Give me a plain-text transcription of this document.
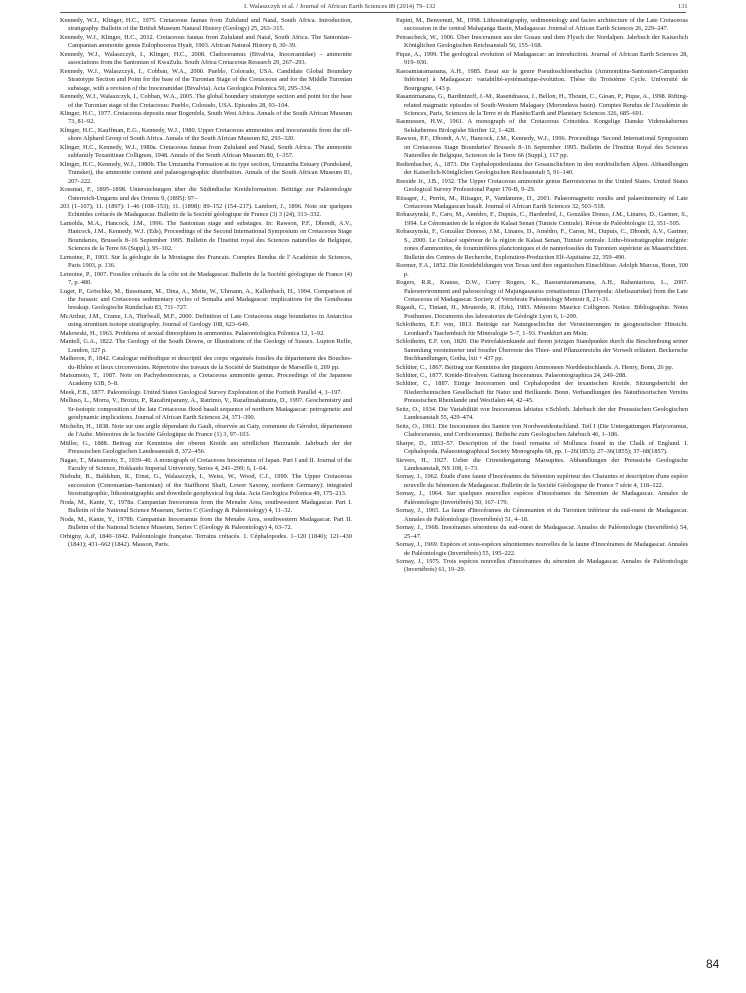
I. Walaszczyk et al. / Journal of African Earth Sciences 89 (2014) 79–132	131

Kennedy, W.J., Klinger, H.C., 1975. Cretaceous faunas from Zululand and Natal, South Africa. Introduction, stratigraphy. Bulletin of the British Museum Natural History (Geology) 25, 263–315.

Kennedy, W.J., Klinger, H.C., 2012. Cretaceous faunas from Zululand and Natal, South Africa. The Santonian–Campanian ammonite genus Eulophoceras Hyatt, 1903. African Natural History 8, 30–39.

Kennedy, W.J., Walaszczyk, I., Klinger, H.C., 2008. Cladoceramus (Bivalvia, Inoceramidae) – ammonite associations from the Santonian of KwaZulu. South Africa Cretaceous Research 29, 267–293.

Kennedy, W.J., Walaszczyk, I., Cobban, W.A., 2000. Pueblo, Colorado, USA. Candidate Global Boundary Stratotype Section and Point for the base of the Turonian Stage of the Cretaceous and for the Middle Turonian substage, with a revision of the Inoceramidae (Bivalvia). Acta Geologica Polonica 50, 295–334.

Kennedy, W.J., Walaszczyk, I., Cobban, W.A., 2005. The global boundary stratotype section and point for the base of the Turonian stage of the Cretaceous: Pueblo, Colorado, USA. Episodes 28, 93–104.

Klinger, H.C., 1977. Cretaceous deposits near Bogenfels, South West Africa. Annals of the South African Museum 73, 81–92.

Klinger, H.C., Kauffman, E.G., Kennedy, W.J., 1980. Upper Cretaceous ammonites and inoceramids from the off-shore Alphard Group of South Africa. Annals of the South African Museum 82, 293–320.

Klinger, H.C., Kennedy, W.J., 1980a. Cretaceous faunas from Zululand and Natal, South Africa. The ammonite subfamily Texanitinae Collignon, 1948. Annals of the South African Museum 80, 1–357.

Klinger, H.C., Kennedy, W.J., 1980b. The Umzamba Formation at its type section, Umzamba Estuary (Pondoland, Transkei), the ammonite content and palaeogeographic distribution. Annals of the South African Museum 81, 207–222.

Kossmat, F., 1895–1898. Untersuchungen über die Südindische Kreideformation. Beiträge zur Paläontologie Österreich-Ungarns und des Orients 9, (1895): 97–

203 (1–107); 11. (1897): 1–46 (108–153); 11. (1898): 89–152 (154–217). Lambert, J., 1896. Note sur quelques Echinides crétacés de Madagascar. Bulletin de la Société géologique de France (3) 3 (24), 313–332.

Lamolda, M.A., Hancock, J.M., 1996. The Santonian stage and substages. In: Rawson, P.F., Dhondt, A.V., Hancock, J.M., Kennedy, W.J. (Eds), Proceedings of the Second International Symposium on Cretaceous Stage Boundaries, Brussels 8–16 September 1995. Bulletin de l'Institut royal des Sciences naturelles de Belgique, Sciences de la Terre 66 (Suppl.), 95–102.

Lemoine, P., 1903. Sur la géologie de la Montagne des Francais. Comptes Rendus de l' Académie de Sciences, Paris 1903, p. 136.

Lemoine, P., 1907. Fossiles crétacés de la côte est de Madagascar. Bulletin de la Société géologique de France (4) 7, p. 480.

Luger, P., Gröschke, M., Bussmann, M., Dina, A., Mette, W., Uhmann, A., Kallenbach, H., 1994. Comparison of the Jurassic and Cretaceous sedimentary cycles of Somalia and Madagascar: implications for the Gondwana breakup. Geologische Rundschau 83, 711–727.

McArthur, J.M., Crame, J.A, Thirlwall, M.F., 2000. Definition of Late Cretaceous stage boundaries in Antarctica using strontium isotope stratigraphy. Journal of Geology 108, 623–640.

Makowski, H., 1963. Problems of sexual dimorphism in ammonites. Palaeontologica Polonica 12, 1–92.

Mantell, G.A., 1822. The Geology of the South Downs, or Illustrations of the Geology of Sussex. Lupton Relfe, London, 327 p.

Matheron, P., 1842. Catalogue méthodique et descriptif des corps organisés fossiles du département des Bouches-du-Rhône et lieux circonvoisins. Répertoire des travaux de la Société de Statistique de Marseille 6, 269 pp.

Matsumoto, T., 1987. Note on Pachydesmoceras, a Cretaceous ammonite genus. Proceedings of the Japanese Academy 63B, 5–8.

Meek, F.B., 1877. Paleontology. United States Geological Survey Exploration of the Fortieth Parallel 4, 1–197.

Melluso, L., Morra, V., Brotzu, P., Razafiniparany, A., Ratrimo, V., Razafimahatratra, D., 1997. Geochemistry and Sr-isotopic composition of the late Cretaceous flood basalt sequence of northern Madagascar: petrogenetic and geodynamic implications. Journal of African Earth Sciences 24, 371–390.

Michelin, H., 1838. Note sur une argile dépendant du Gault, observée au Gaty, commune de Gérodot, département de l'Aube. Mémoires de la Société Géologique de France (1) 3, 97–103.

Müller, G., 1888. Beitrag zur Kenntniss der oberen Kreide am nördlichen Harzrande. Jahrbuch der der Preussischen Geologischen Landesanstalt 8, 372–456.

Nagao, T., Matsumoto, T., 1939–40. A monograph of Cretaceous Inoceramus of Japan. Part I and II. Journal of the Faculty of Science, Hokkaido Imperial University, Series 4, 241–299; 6, 1–64.

Niebuhr, B., Baldshun, R., Ernst, G., Walaszczyk, I., Weiss, W., Wood, C.J., 1999. The Upper Cretaceous succession (Cenomanian–Santonian) of the Staffhorst Shaft, Lower Saxony, northern Germany): integrated biostratigraphic, lithostratigraphic and downhole geophysical log data. Acta Geologica Polonica 49, 175–213.

Noda, M., Kanie, Y., 1978a. Campanian Inoceramus from the Menabe Area, southwestern Madagascar. Part I. Bulletin of the National Science Museum, Series C (Geology & Paleontology) 4, 11–32.

Noda, M., Kanie, Y., 1978b. Campanian Inoceramus from the Menabe Area, southwestern Madagascar. Part II. Bulletin of the National Science Museum, Series C (Geology & Paleontology) 4, 63–72.

Orbigny, A.d', 1840–1842. Paléontologie française. Terrains crétacés. 1. Céphalopodes. 1–120 (1840); 121–430 (1841); 431–662 (1842). Masson, Paris.

Papini, M., Benvenuti, M., 1998. Lithostratigraphy, sedimentology and facies architecture of the Late Cretaceous succession in the central Mahajanga Basin, Madagascar. Journal of African Earth Sciences 26, 229–247.

Petrascheck, W., 1906. Über Inoceramen aus der Gosau und dem Flysch der Nordalpen. Jahrbuch der Kaiserlich Königlichen Geologischen Reichsanstalt 56, 155–168.

Pique, A., 1999. The geological evolution of Madagascar: an introduction. Journal of African Earth Sciences 28, 919–930.

Rasoamiaramanana, A.H., 1985. Essai sur le genre Pseudoschloenbachia (Ammonitina-Santonien-Campanien Inférieur) à Madagascar: variabilité-systématique-évolution. Thèse du Troisième Cycle. Université de Bourgogne, 143 p.

Rasamimanana, G., Bardintzeff, J.-M., Rasendrasoa, J., Bellon, H., Thouin, C., Gioan, P., Pique, A., 1998. Rifting-related magmatic episodes of South-Western Malagasy (Morondava basin). Comptes Rendus de l'Académie de Sciences, Paris, Sciences de la Terre et de Planète/Earth and Planetary Sciences 326, 685–691.

Rasmussen, H.W., 1961. A monograph of the Cretaceous Crinoidea. Kongelige Danske Videnskabernes Selskabernes Biologiske Skrifter 12, 1–428.

Rawson, P.F., Dhondt, A.V., Hancock, J.M., Kennedy, W.J., 1996. Proceedings 'Second International Symposium on Cretaceous Stage Boundaries' Brussels 8–16 September 1995. Bulletin de l'Institut Royal des Sciences Naturelles de Belgique, Sciences de la Terre 66 (Suppl.), 117 pp.

Redtenbacher, A., 1873. Die Cephalopodenfauna der Gosauschichten in den nordöstlichen Alpen. Abhandlungen der Kaiserlich-Königlichen Geologischen Reichsanstalt 5, 91–140.

Reeside Jr., J.B., 1932. The Upper Cretaceous ammonite genus Barroisiceras in the United States. United States Geological Survey Professional Paper 170-B, 9–29.

Riisager, J., Perrin, M., Riisager, P., Vandamme, D., 2001. Palaeomagnetic results and palaeointensity of Late Cretaceous Madagascan basalt. Journal of African Earth Sciences 32, 503–518.

Robaszynski, F., Caro, M., Amédro, F., Dupuis, C., Hardenbol, J., Gonzáles Donso, J.M., Linares, D., Gartner, S., 1994. Le Cénomanien de la région de Kalaat Senan (Tunisie Centrale). Révue de Paléobiologie 12, 351–505.

Robaszynski, F., González Donoso, J.M., Linares, D., Amédro, F., Caron, M., Dupuis, C., Dhondt, A.V., Gartner, S., 2000. Le Crétacé supérieur de la région de Kalaat Senan, Tunisie centrale. Litho-biostratigraphie intégrée: zones d'ammonites, de foraminifères planctoniques et de nannofossiles du Turonien supérieur au Maastrichtien. Bulletin des Centres de Recherche, Exploration-Production Elf-Aquitaine 22, 359–490.

Roemer, F.A., 1852. Die Kreidebildungen von Texas und ihre organischen Einschlüsse. Adolph Marcus, Bonn, 100 p.

Rogers, R.R., Krause, D.W., Curry Rogers, K., Rasoamiaramanana, A.H., Rahantarisoa, L., 2007. Paleoenvironment and paleoecology of Majungasaurus crenatissimus (Theropoda: Abelisauridae) from the Late Cretaceous of Madagascar. Society of Vertebrate Paleontology Memoir 8, 21–31.

Rigault, C., Tintant, H., Mouterde, R. (Eds), 1983. Mémoire Maurice Collignon. Notice. Bibliographie. Notes Posthumes. Documents des laboratories de Géologie Lyon 6, 1–299.

Schlotheim, E.F. von, 1813. Beiträge zur Naturgeschichte der Versteinerungen in geognostischer Hinsicht. Leonhard's Taschenbuch für Mineralogie 5–7, 1–93. Frankfurt am Mein.

Schlotheim, E.F. von, 1820. Die Petrefaktenkunde auf ihrem jetzigen Standpunkte durch die Beschreibung seiner Sammlung versteinerter und fossiler Überreste des Thier- und Pflanzenreichs der Vorwelt erläutert. Beckersche Buchhandlungen, Gotha, lxii + 437 pp.

Schlüter, C., 1867. Beitrag zur Kenntniss der jüngsten Ammoneen Norddeutschlands. A. Henry, Bonn, 26 pp.

Schlüter, C., 1877. Kreide-Bivalven. Gattung Inoceramus. Palaeontographica 24, 249–288.

Schlüter, C., 1887. Einige Inoceramen und Cephalopoden der texanischen Kreide. Sitzungsbericht der Niederrheinischen Gesellschaft für Natur und Heilkunde. Bonn. Verhandlungen des Naturhisorischen Vereins Preussischen Rheinlande und Westfalen 44, 42–45.

Seitz, O., 1934. Die Variabilität von Inoceramus labiatus v.Schloth. Jahrbuch der der Preussischen Geologischen Landesanstalt 55, 429–474.

Seitz, O., 1961. Die Inoceramen des Santon von Nordwestdeutschland. Teil I (Die Untergattungen Platyceramus, Cladoceramus, und Cordiceramus). Beihefte zum Geologischen Jahrbuch 46, 1–186.

Sharpe, D., 1853–57. Description of the fossil remains of Mollusca found in the Chalk of England. I. Cephalopoda. Palaeontographical Society Monographs 68, pp. 1–26(1853); 27–36(1855); 37–68(1857).

Sievers, H., 1927. Ueber die Crinoidengattung Marsupites. Abhandlungen der Preussiche Geologische Landesanstalt, NS 108, 1–73.

Sornay, J., 1962. Étude d'une faune d'Inocérames du Sénonien supérieur des Charantes et description d'une espèce nouvelle du Sénonien de Madagascar. Bulletin de la Société Géologique de France 7 série 4, 118–122.

Sornay, J., 1964. Sur quelques nouvelles espèces d'inocérames du Sénonien de Madagascar. Annales de Paléontologie (Invertébrés) 50, 167–179.

Sornay, J., 1965. La faune d'Inocérames du Cénomanien et du Turonien inférieur du sud-ouest de Madagascar. Annales de Paléontologie (Invertébrés) 51, 4–18.

Sornay, J., 1968. Inocérames sénoniens du sud-ouest de Madagascar. Annales de Paléontologie (Invertébrés) 54, 25–47.

Sornay, J., 1969. Espèces et sous-espèces sénoniennes nouvelles de la faune d'Inocérames de Madagascar. Annales de Paléontologie (Invertébrés) 55, 195–222.

Sornay, J., 1975. Trois espèces nouvelles d'inocérames du sénonien de Madagascar. Annales de Paléontologie (Invertébrés) 61, 19–29.

84
